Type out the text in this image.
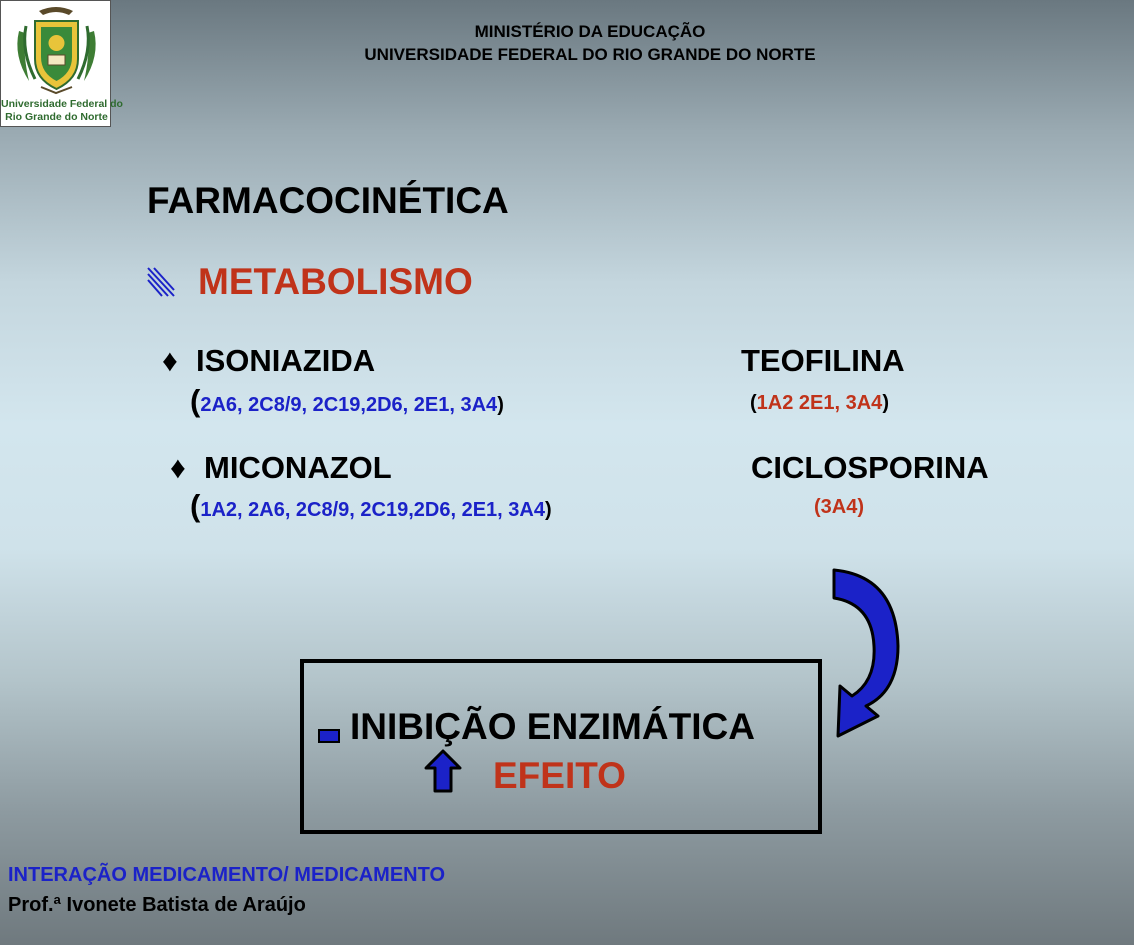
Universidade Federal do
Rio Grande do Norte
MINISTÉRIO DA EDUCAÇÃO
UNIVERSIDADE FEDERAL DO RIO GRANDE DO NORTE
FARMACOCINÉTICA
METABOLISMO
♦ ISONIAZIDA	TEOFILINA
(2A6, 2C8/9, 2C19,2D6, 2E1, 3A4)	(1A2 2E1, 3A4)
♦ MICONAZOL	CICLOSPORINA
(1A2, 2A6, 2C8/9, 2C19,2D6, 2E1, 3A4)	(3A4)
INIBIÇÃO ENZIMÁTICA
EFEITO
INTERAÇÃO MEDICAMENTO/ MEDICAMENTO
Prof.ª Ivonete Batista de Araújo
